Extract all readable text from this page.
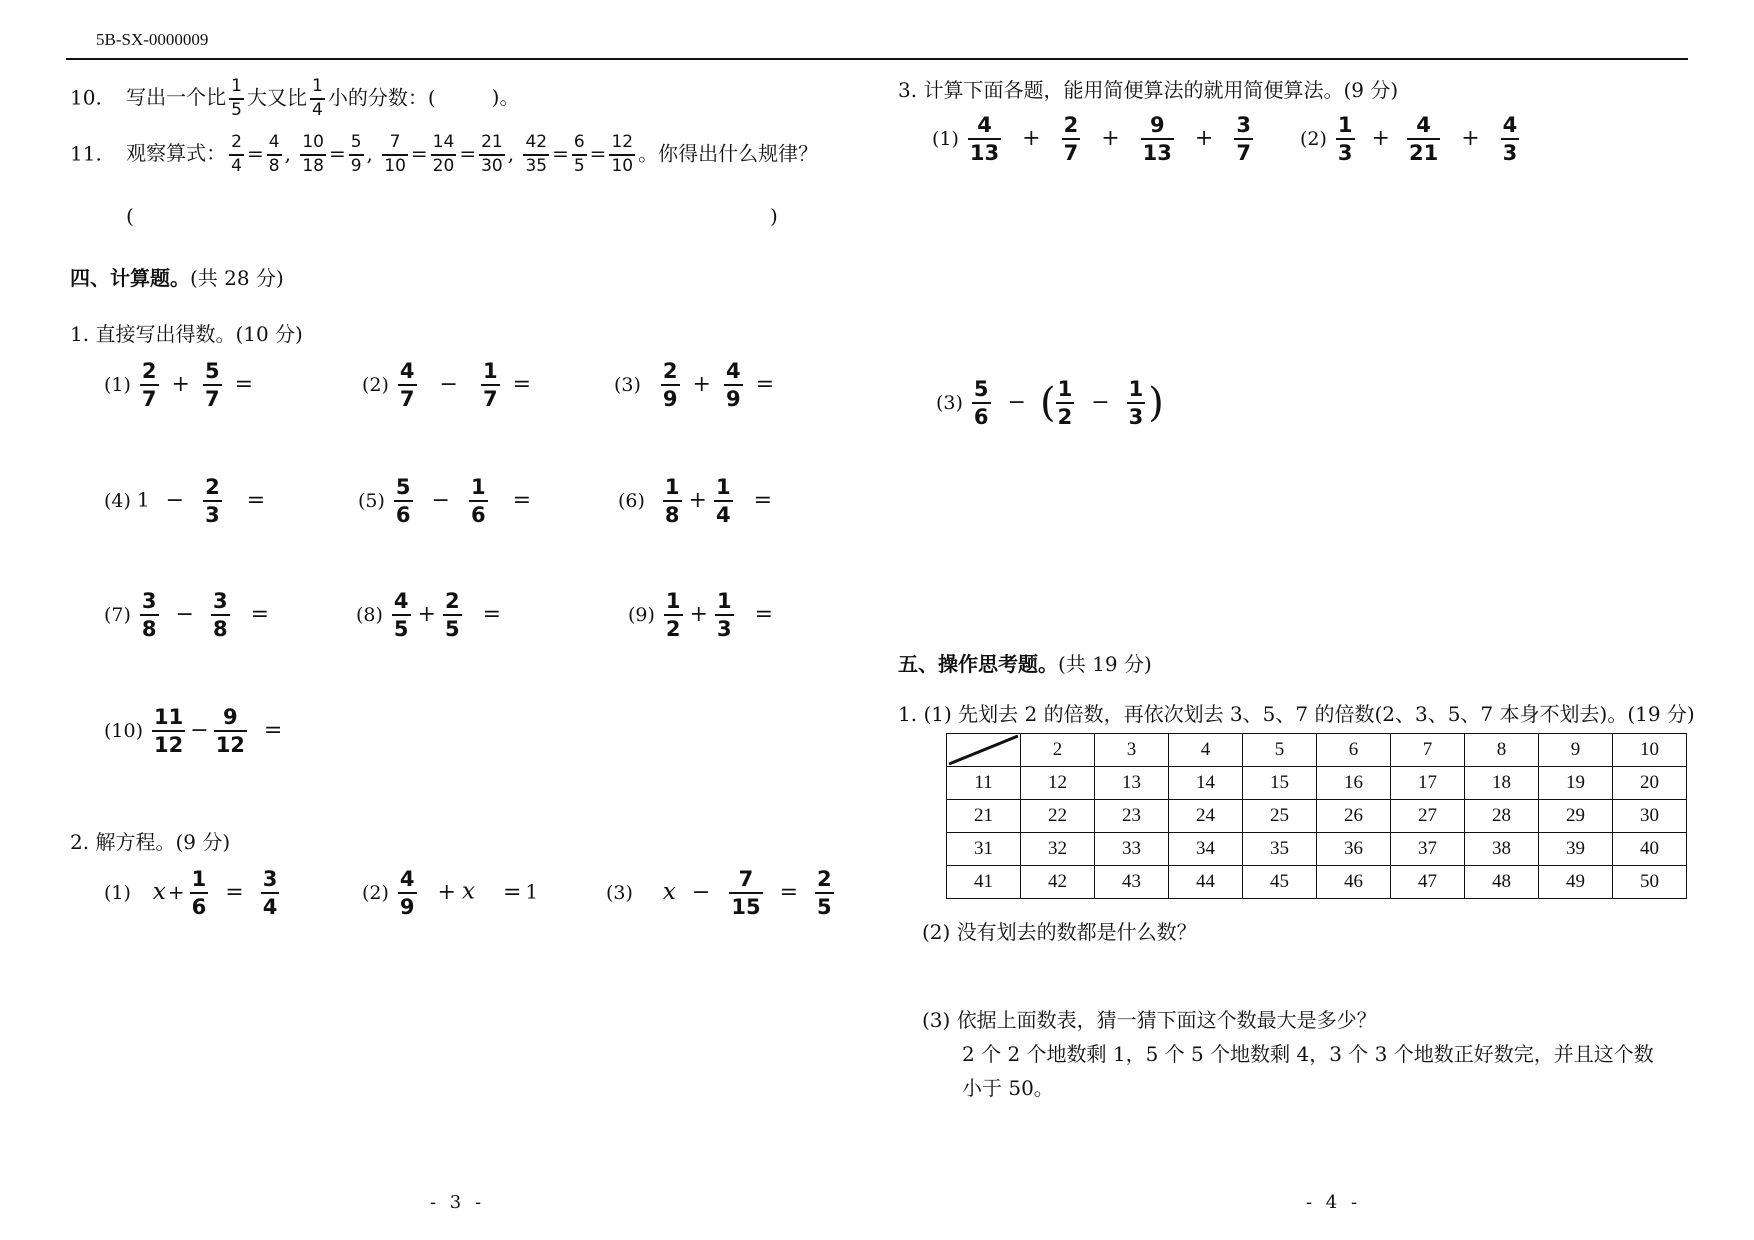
5B-SX-0000009
10. 写出一个比 $\frac{1}{5}$ 大又比 $\frac{1}{4}$ 小的分数：(	)。
11. 观察算式： $\frac{2}{4} = \frac{4}{8}$ , $\frac{10}{18} = \frac{5}{9}$ , $\frac{7}{10} = \frac{14}{20} = \frac{21}{30}$ , $\frac{42}{35} = \frac{6}{5} = \frac{12}{10}$ 。你得出什么规律？
(	)
四、计算题。(共 28 分)
1. 直接写出得数。(10 分)
$(1) \frac{2}{7} + \frac{5}{7}$ =	$(2) \frac{4}{7} - \frac{1}{7}$ =	$(3) \frac{2}{9} + \frac{4}{9}$ =
(4) $1 - \frac{2}{3}$ =	$(5) \frac{5}{6} - \frac{1}{6}$ =	$(6) \frac{1}{8} + \frac{1}{4}$ =
$(7) \frac{3}{8} - \frac{3}{8}$ =	$(8) \frac{4}{5} + \frac{2}{5}$ =	$(9) \frac{1}{2} + \frac{1}{3}$ =
$(10) \frac{11}{12} - \frac{9}{12}$ =
2. 解方程。(9 分)
(1) $x + \frac{1}{6} = \frac{3}{4}$	$(2) \frac{4}{9} + x = 1$	(3) $x - \frac{7}{15} = \frac{2}{5}$
3. 计算下面各题，能用简便算法的就用简便算法。(9 分)
$(1) \frac{4}{13} + \frac{2}{7} + \frac{9}{13} + \frac{3}{7} (2) \frac{1}{3} + \frac{4}{21} + \frac{4}{3}$
$(3) \frac{5}{6}$ − ( $\frac{1}{2} - \frac{1}{3}$ )
五、操作思考题。(共 19 分)
1. (1) 先划去 2 的倍数，再依次划去 3、5、7 的倍数(2、3、5、7 本身不划去)。(19 分)
	2	3	4	5	6	7	8	9	10
11	12	13	14	15	16	17	18	19	20
21	22	23	24	25	26	27	28	29	30
31	32	33	34	35	36	37	38	39	40
41	42	43	44	45	46	47	48	49	50
(2) 没有划去的数都是什么数？
(3) 依据上面数表，猜一猜下面这个数最大是多少？
2 个 2 个地数剩 1，5 个 5 个地数剩 4，3 个 3 个地数正好数完，并且这个数
小于 50。
- 3 -	- 4 -
